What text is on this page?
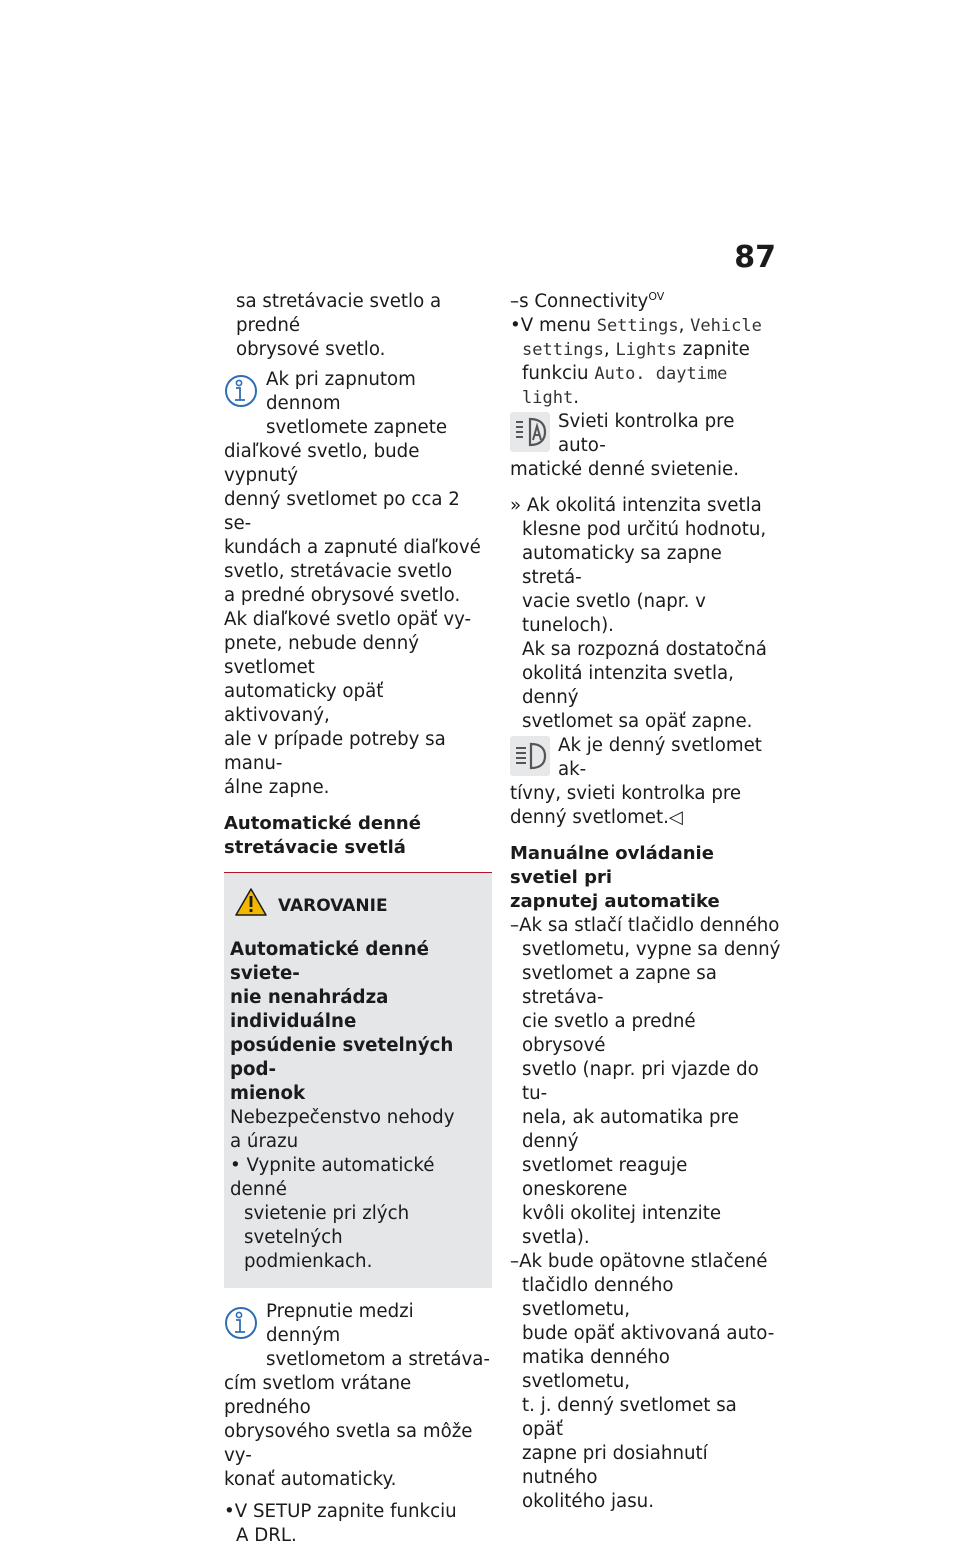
87

sa stretávacie svetlo a predné

obrysové svetlo.

Ak pri zapnutom dennom

svetlomete zapnete

diaľkové svetlo, bude vypnutý

denný svetlomet po cca 2 se-

kundách a zapnuté diaľkové

svetlo, stretávacie svetlo

a predné obrysové svetlo.

Ak diaľkové svetlo opäť vy-

pnete, nebude denný svetlomet

automaticky opäť aktivovaný,

ale v prípade potreby sa manu-

álne zapne.

Automatické denné

stretávacie svetlá

VAROVANIE

Automatické denné sviete-

nie nenahrádza individuálne

posúdenie svetelných pod-

mienok

Nebezpečenstvo nehody

a úrazu

• Vypnite automatické denné

svietenie pri zlých svetelných

podmienkach.

Prepnutie medzi denným

svetlometom a stretáva-

cím svetlom vrátane predného

obrysového svetla sa môže vy-

konať automaticky.

•V SETUP zapnite funkciu

A DRL.

–s Connectivity$^{OV}$

•V menu Settings, Vehicle

settings, Lights zapnite

funkciu Auto. daytime

light.

Svieti kontrolka pre auto-

matické denné svietenie.

» Ak okolitá intenzita svetla

klesne pod určitú hodnotu,

automaticky sa zapne stretá-

vacie svetlo (napr. v tuneloch).

Ak sa rozpozná dostatočná

okolitá intenzita svetla, denný

svetlomet sa opäť zapne.

Ak je denný svetlomet ak-

tívny, svieti kontrolka pre

denný svetlomet.◁

Manuálne ovládanie svetiel pri

zapnutej automatike

–Ak sa stlačí tlačidlo denného

svetlometu, vypne sa denný

svetlomet a zapne sa stretáva-

cie svetlo a predné obrysové

svetlo (napr. pri vjazde do tu-

nela, ak automatika pre denný

svetlomet reaguje oneskorene

kvôli okolitej intenzite svetla).

–Ak bude opätovne stlačené

tlačidlo denného svetlometu,

bude opäť aktivovaná auto-

matika denného svetlometu,

t. j. denný svetlomet sa opäť

zapne pri dosiahnutí nutného

okolitého jasu.
